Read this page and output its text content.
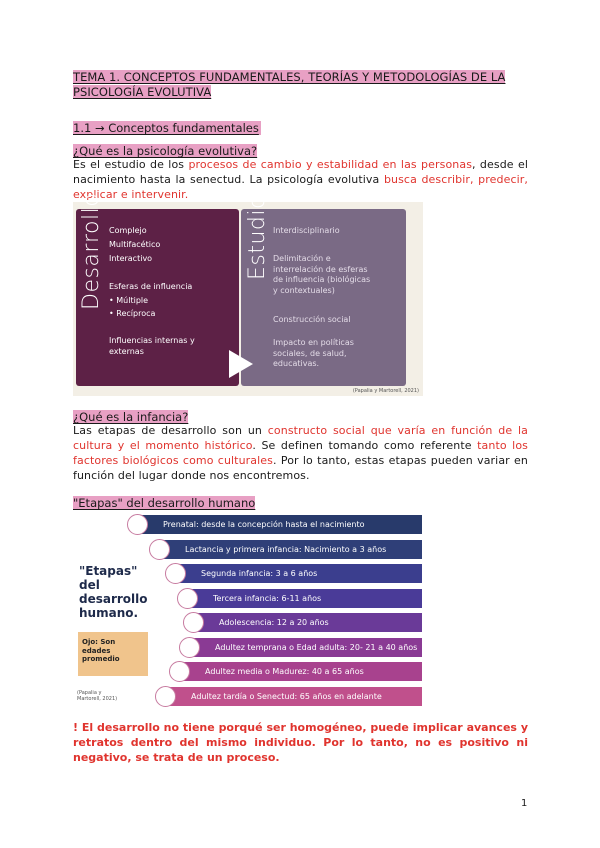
TEMA 1. CONCEPTOS FUNDAMENTALES, TEORÍAS Y METODOLOGÍAS DE LA PSICOLOGÍA EVOLUTIVA
1.1 → Conceptos fundamentales
¿Qué es la psicología evolutiva?
Es el estudio de los procesos de cambio y estabilidad en las personas, desde el nacimiento hasta la senectud. La psicología evolutiva busca describir, predecir, explicar e intervenir.
Desarrollo	Estudio
Complejo
Multifacético
Interactivo
Esferas de influencia
• Múltiple
• Recíproca
Influencias internas y externas
Interdisciplinario
Delimitación e interrelación de esferas de influencia (biológicas y contextuales)
Construcción social
Impacto en políticas sociales, de salud, educativas.
(Papalia y Martorell, 2021)
¿Qué es la infancia?
Las etapas de desarrollo son un constructo social que varía en función de la cultura y el momento histórico. Se definen tomando como referente tanto los factores biológicos como culturales. Por lo tanto, estas etapas pueden variar en función del lugar donde nos encontremos.
"Etapas" del desarrollo humano
"Etapas" del desarrollo humano.
Ojo: Son edades promedio
(Papalia y Martorell, 2021)
Prenatal: desde la concepción hasta el nacimiento
Lactancia y primera infancia: Nacimiento a 3 años
Segunda infancia: 3 a 6 años
Tercera infancia: 6-11 años
Adolescencia: 12 a 20 años
Adultez temprana o Edad adulta: 20- 21 a 40 años
Adultez media o Madurez: 40 a 65 años
Adultez tardía o Senectud: 65 años en adelante
! El desarrollo no tiene porqué ser homogéneo, puede implicar avances y retratos dentro del mismo individuo. Por lo tanto, no es positivo ni negativo, se trata de un proceso.
1
